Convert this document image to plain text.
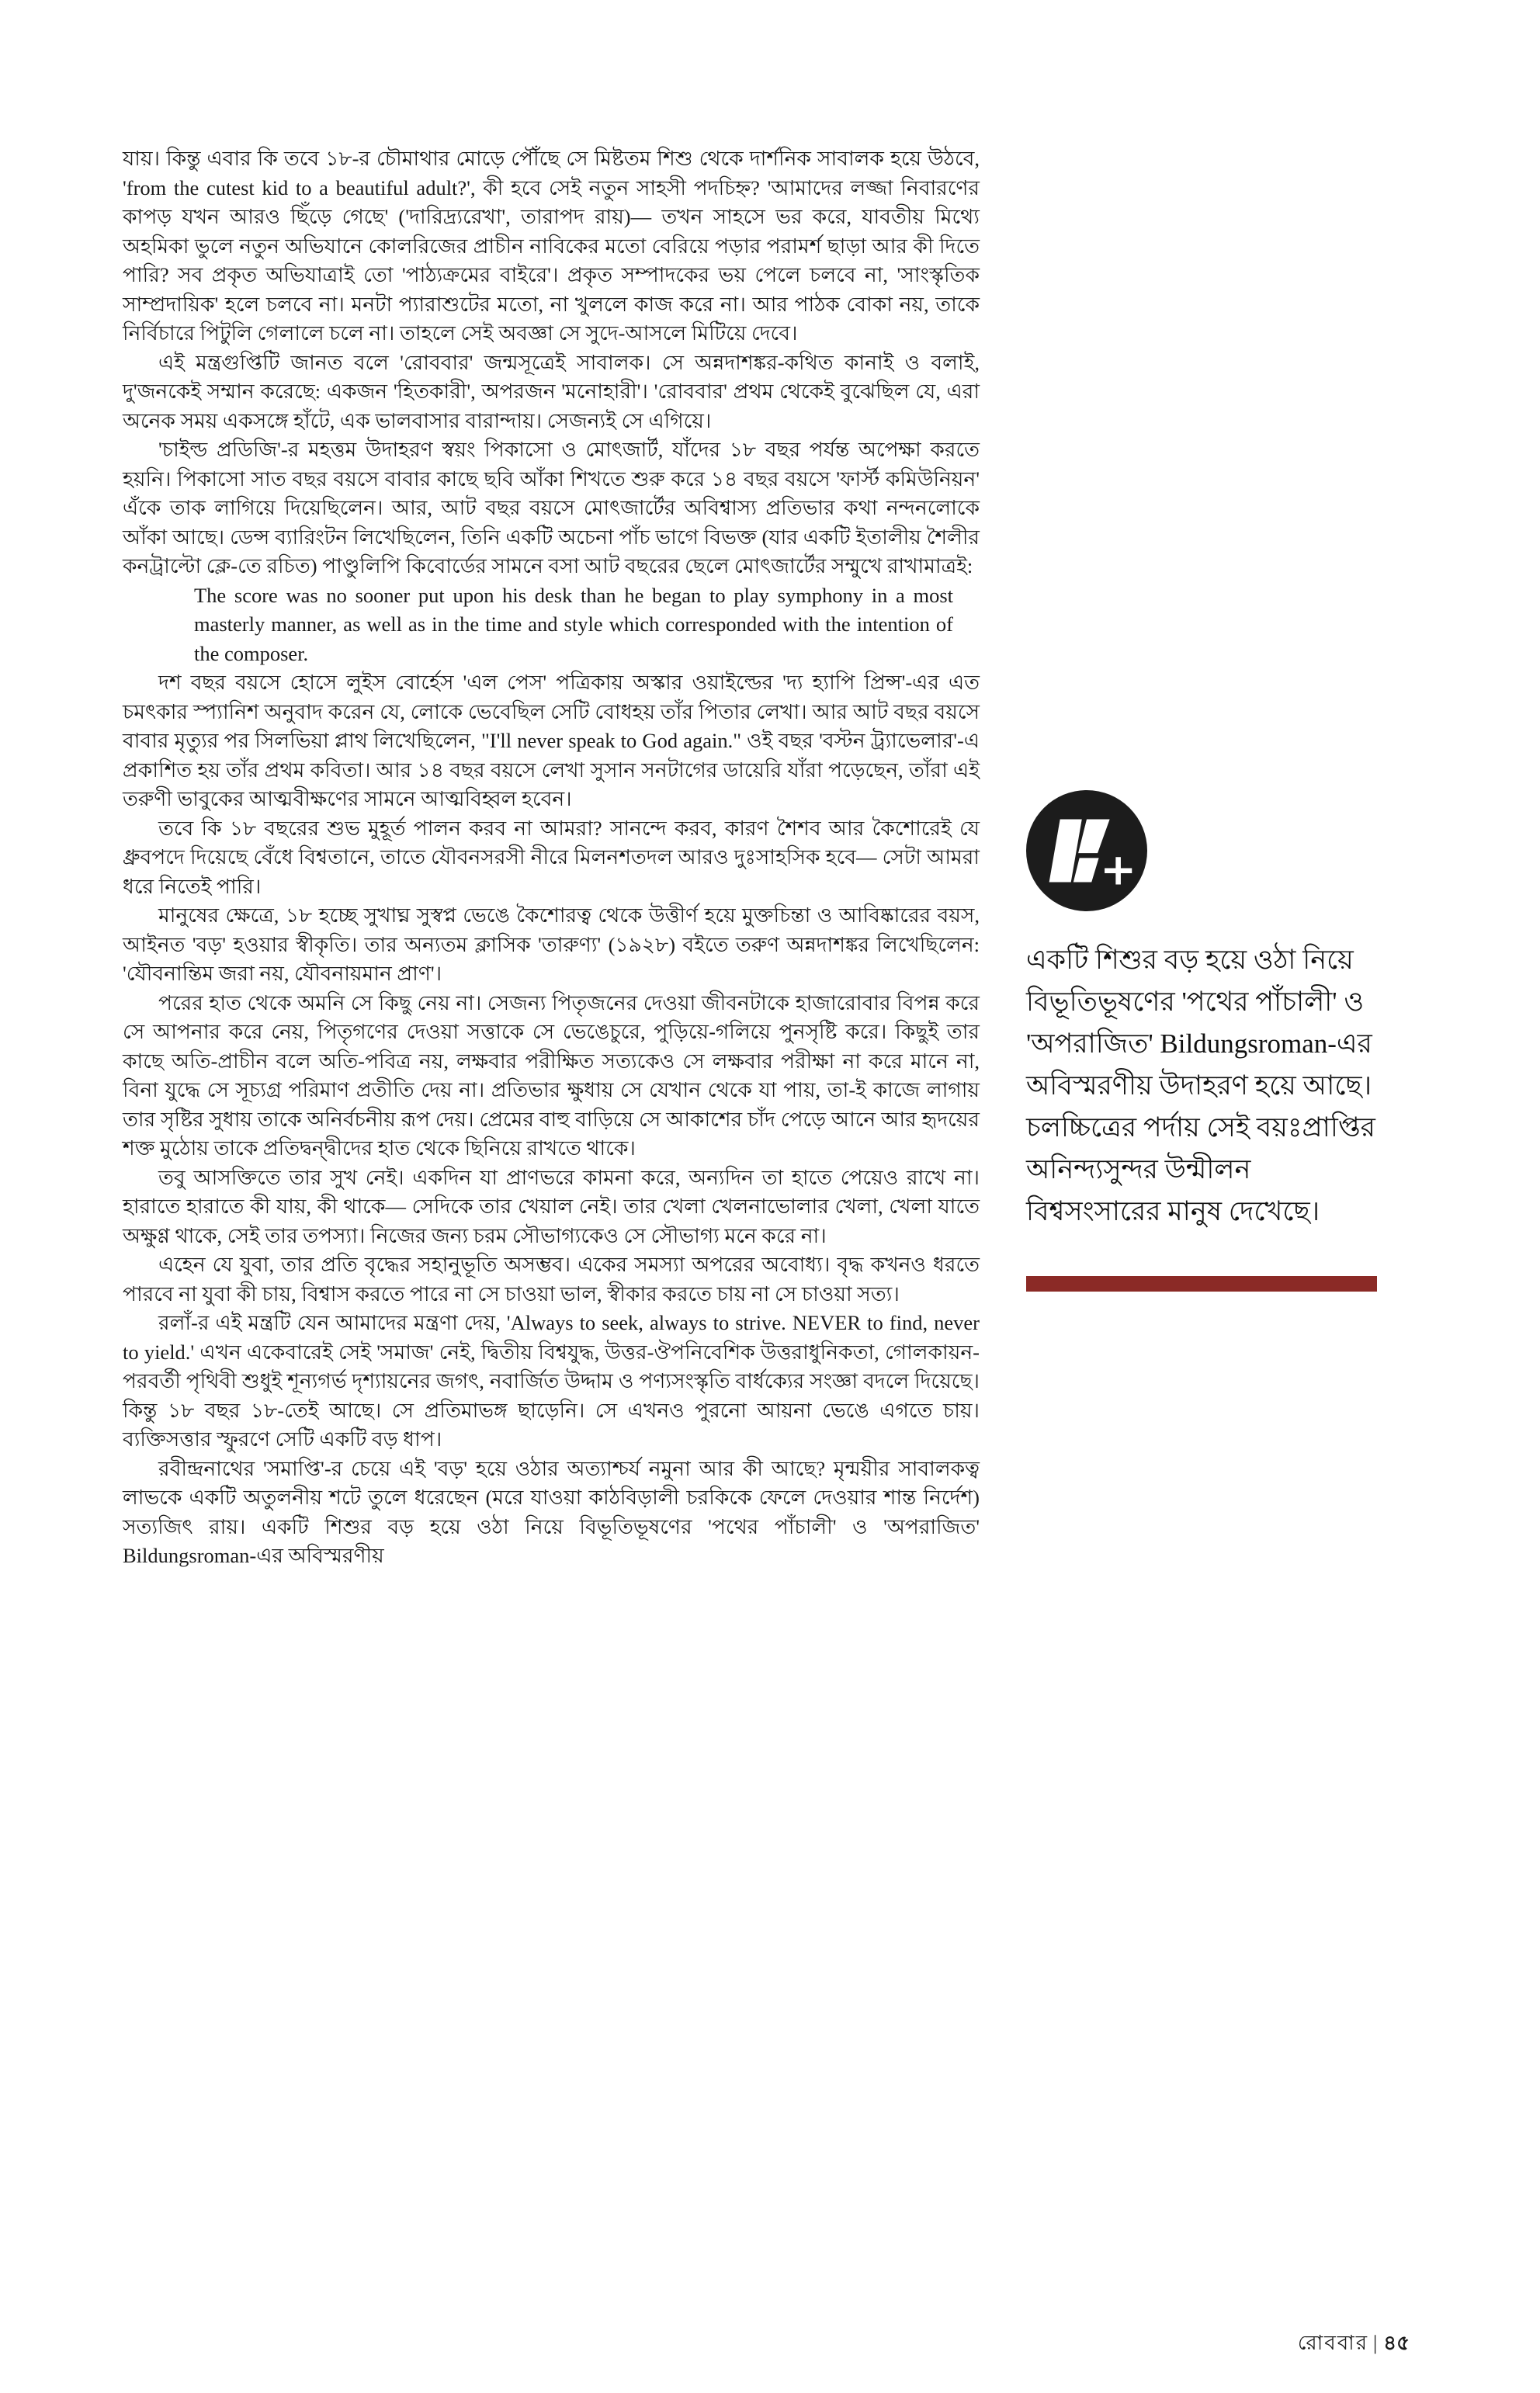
যায়। কিন্তু এবার কি তবে ১৮-র চৌমাথার মোড়ে পৌঁছে সে মিষ্টতম শিশু থেকে দার্শনিক সাবালক হয়ে উঠবে, 'from the cutest kid to a beautiful adult?', কী হবে সেই নতুন সাহসী পদচিহ্ন? 'আমাদের লজ্জা নিবারণের কাপড় যখন আরও ছিঁড়ে গেছে' ('দারিদ্র্যরেখা', তারাপদ রায়)— তখন সাহসে ভর করে, যাবতীয় মিথ্যে অহমিকা ভুলে নতুন অভিযানে কোলরিজের প্রাচীন নাবিকের মতো বেরিয়ে পড়ার পরামর্শ ছাড়া আর কী দিতে পারি? সব প্রকৃত অভিযাত্রাই তো 'পাঠ্যক্রমের বাইরে'। প্রকৃত সম্পাদকের ভয় পেলে চলবে না, 'সাংস্কৃতিক সাম্প্রদায়িক' হলে চলবে না। মনটা প্যারাশুটের মতো, না খুললে কাজ করে না। আর পাঠক বোকা নয়, তাকে নির্বিচারে পিটুলি গেলালে চলে না। তাহলে সেই অবজ্ঞা সে সুদে-আসলে মিটিয়ে দেবে।

এই মন্ত্রগুপ্তিটি জানত বলে 'রোববার' জন্মসূত্রেই সাবালক। সে অন্নদাশঙ্কর-কথিত কানাই ও বলাই, দু'জনকেই সম্মান করেছে: একজন 'হিতকারী', অপরজন 'মনোহারী'। 'রোববার' প্রথম থেকেই বুঝেছিল যে, এরা অনেক সময় একসঙ্গে হাঁটে, এক ভালবাসার বারান্দায়। সেজন্যই সে এগিয়ে।

'চাইল্ড প্রডিজি'-র মহত্তম উদাহরণ স্বয়ং পিকাসো ও মোৎজার্ট, যাঁদের ১৮ বছর পর্যন্ত অপেক্ষা করতে হয়নি। পিকাসো সাত বছর বয়সে বাবার কাছে ছবি আঁকা শিখতে শুরু করে ১৪ বছর বয়সে 'ফার্স্ট কমিউনিয়ন' এঁকে তাক লাগিয়ে দিয়েছিলেন। আর, আট বছর বয়সে মোৎজার্টের অবিশ্বাস্য প্রতিভার কথা নন্দনলোকে আঁকা আছে। ডেন্স ব্যারিংটন লিখেছিলেন, তিনি একটি অচেনা পাঁচ ভাগে বিভক্ত (যার একটি ইতালীয় শৈলীর কনট্রাল্টো ক্লে-তে রচিত) পাণ্ডুলিপি কিবোর্ডের সামনে বসা আট বছরের ছেলে মোৎজার্টের সম্মুখে রাখামাত্রই:

The score was no sooner put upon his desk than he began to play symphony in a most masterly manner, as well as in the time and style which corresponded with the intention of the composer.

দশ বছর বয়সে হোসে লুইস বোর্হেস 'এল পেস' পত্রিকায় অস্কার ওয়াইল্ডের 'দ্য হ্যাপি প্রিন্স'-এর এত চমৎকার স্প্যানিশ অনুবাদ করেন যে, লোকে ভেবেছিল সেটি বোধহয় তাঁর পিতার লেখা। আর আট বছর বয়সে বাবার মৃত্যুর পর সিলভিয়া প্লাথ লিখেছিলেন, "I'll never speak to God again." ওই বছর 'বস্টন ট্র্যাভেলার'-এ প্রকাশিত হয় তাঁর প্রথম কবিতা। আর ১৪ বছর বয়সে লেখা সুসান সনটাগের ডায়েরি যাঁরা পড়েছেন, তাঁরা এই তরুণী ভাবুকের আত্মবীক্ষণের সামনে আত্মবিহ্বল হবেন।

তবে কি ১৮ বছরের শুভ মুহূর্ত পালন করব না আমরা? সানন্দে করব, কারণ শৈশব আর কৈশোরেই যে ধ্রুবপদে দিয়েছে বেঁধে বিশ্বতানে, তাতে যৌবনসরসী নীরে মিলনশতদল আরও দুঃসাহসিক হবে— সেটা আমরা ধরে নিতেই পারি।

মানুষের ক্ষেত্রে, ১৮ হচ্ছে সুখাঘ্ন সুস্বপ্ন ভেঙে কৈশোরত্ব থেকে উত্তীর্ণ হয়ে মুক্তচিন্তা ও আবিষ্কারের বয়স, আইনত 'বড়' হওয়ার স্বীকৃতি। তার অন্যতম ক্লাসিক 'তারুণ্য' (১৯২৮) বইতে তরুণ অন্নদাশঙ্কর লিখেছিলেন: 'যৌবনান্তিম জরা নয়, যৌবনায়মান প্রাণ'।

পরের হাত থেকে অমনি সে কিছু নেয় না। সেজন্য পিতৃজনের দেওয়া জীবনটাকে হাজারোবার বিপন্ন করে সে আপনার করে নেয়, পিতৃগণের দেওয়া সত্তাকে সে ভেঙেচুরে, পুড়িয়ে-গলিয়ে পুনসৃষ্টি করে। কিছুই তার কাছে অতি-প্রাচীন বলে অতি-পবিত্র নয়, লক্ষবার পরীক্ষিত সত্যকেও সে লক্ষবার পরীক্ষা না করে মানে না, বিনা যুদ্ধে সে সূচ্যগ্র পরিমাণ প্রতীতি দেয় না। প্রতিভার ক্ষুধায় সে যেখান থেকে যা পায়, তা-ই কাজে লাগায় তার সৃষ্টির সুধায় তাকে অনির্বচনীয় রূপ দেয়। প্রেমের বাহু বাড়িয়ে সে আকাশের চাঁদ পেড়ে আনে আর হৃদয়ের শক্ত মুঠোয় তাকে প্রতিদ্বন্দ্বীদের হাত থেকে ছিনিয়ে রাখতে থাকে।

তবু আসক্তিতে তার সুখ নেই। একদিন যা প্রাণভরে কামনা করে, অন্যদিন তা হাতে পেয়েও রাখে না। হারাতে হারাতে কী যায়, কী থাকে— সেদিকে তার খেয়াল নেই। তার খেলা খেলনাভোলার খেলা, খেলা যাতে অক্ষুণ্ণ থাকে, সেই তার তপস্যা। নিজের জন্য চরম সৌভাগ্যকেও সে সৌভাগ্য মনে করে না।

এহেন যে যুবা, তার প্রতি বৃদ্ধের সহানুভূতি অসম্ভব। একের সমস্যা অপরের অবোধ্য। বৃদ্ধ কখনও ধরতে পারবে না যুবা কী চায়, বিশ্বাস করতে পারে না সে চাওয়া ভাল, স্বীকার করতে চায় না সে চাওয়া সত্য।

রলাঁ-র এই মন্ত্রটি যেন আমাদের মন্ত্রণা দেয়, 'Always to seek, always to strive. NEVER to find, never to yield.' এখন একেবারেই সেই 'সমাজ' নেই, দ্বিতীয় বিশ্বযুদ্ধ, উত্তর-ঔপনিবেশিক উত্তরাধুনিকতা, গোলকায়ন-পরবর্তী পৃথিবী শুধুই শূন্যগর্ভ দৃশ্যায়নের জগৎ, নবার্জিত উদ্দাম ও পণ্যসংস্কৃতি বার্ধক্যের সংজ্ঞা বদলে দিয়েছে। কিন্তু ১৮ বছর ১৮-তেই আছে। সে প্রতিমাভঙ্গ ছাড়েনি। সে এখনও পুরনো আয়না ভেঙে এগতে চায়। ব্যক্তিসত্তার স্ফুরণে সেটি একটি বড় ধাপ।

রবীন্দ্রনাথের 'সমাপ্তি'-র চেয়ে এই 'বড়' হয়ে ওঠার অত্যাশ্চর্য নমুনা আর কী আছে? মৃন্ময়ীর সাবালকত্ব লাভকে একটি অতুলনীয় শটে তুলে ধরেছেন (মরে যাওয়া কাঠবিড়ালী চরকিকে ফেলে দেওয়ার শান্ত নির্দেশ) সত্যজিৎ রায়। একটি শিশুর বড় হয়ে ওঠা নিয়ে বিভূতিভূষণের 'পথের পাঁচালী' ও 'অপরাজিত' Bildungsroman-এর অবিস্মরণীয়

+
একটি শিশুর বড় হয়ে ওঠা নিয়ে বিভূতিভূষণের 'পথের পাঁচালী' ও 'অপরাজিত' Bildungsroman-এর অবিস্মরণীয় উদাহরণ হয়ে আছে। চলচ্চিত্রের পর্দায় সেই বয়ঃপ্রাপ্তির অনিন্দ্যসুন্দর উন্মীলন বিশ্বসংসারের মানুষ দেখেছে।
রোববার | ৪৫
